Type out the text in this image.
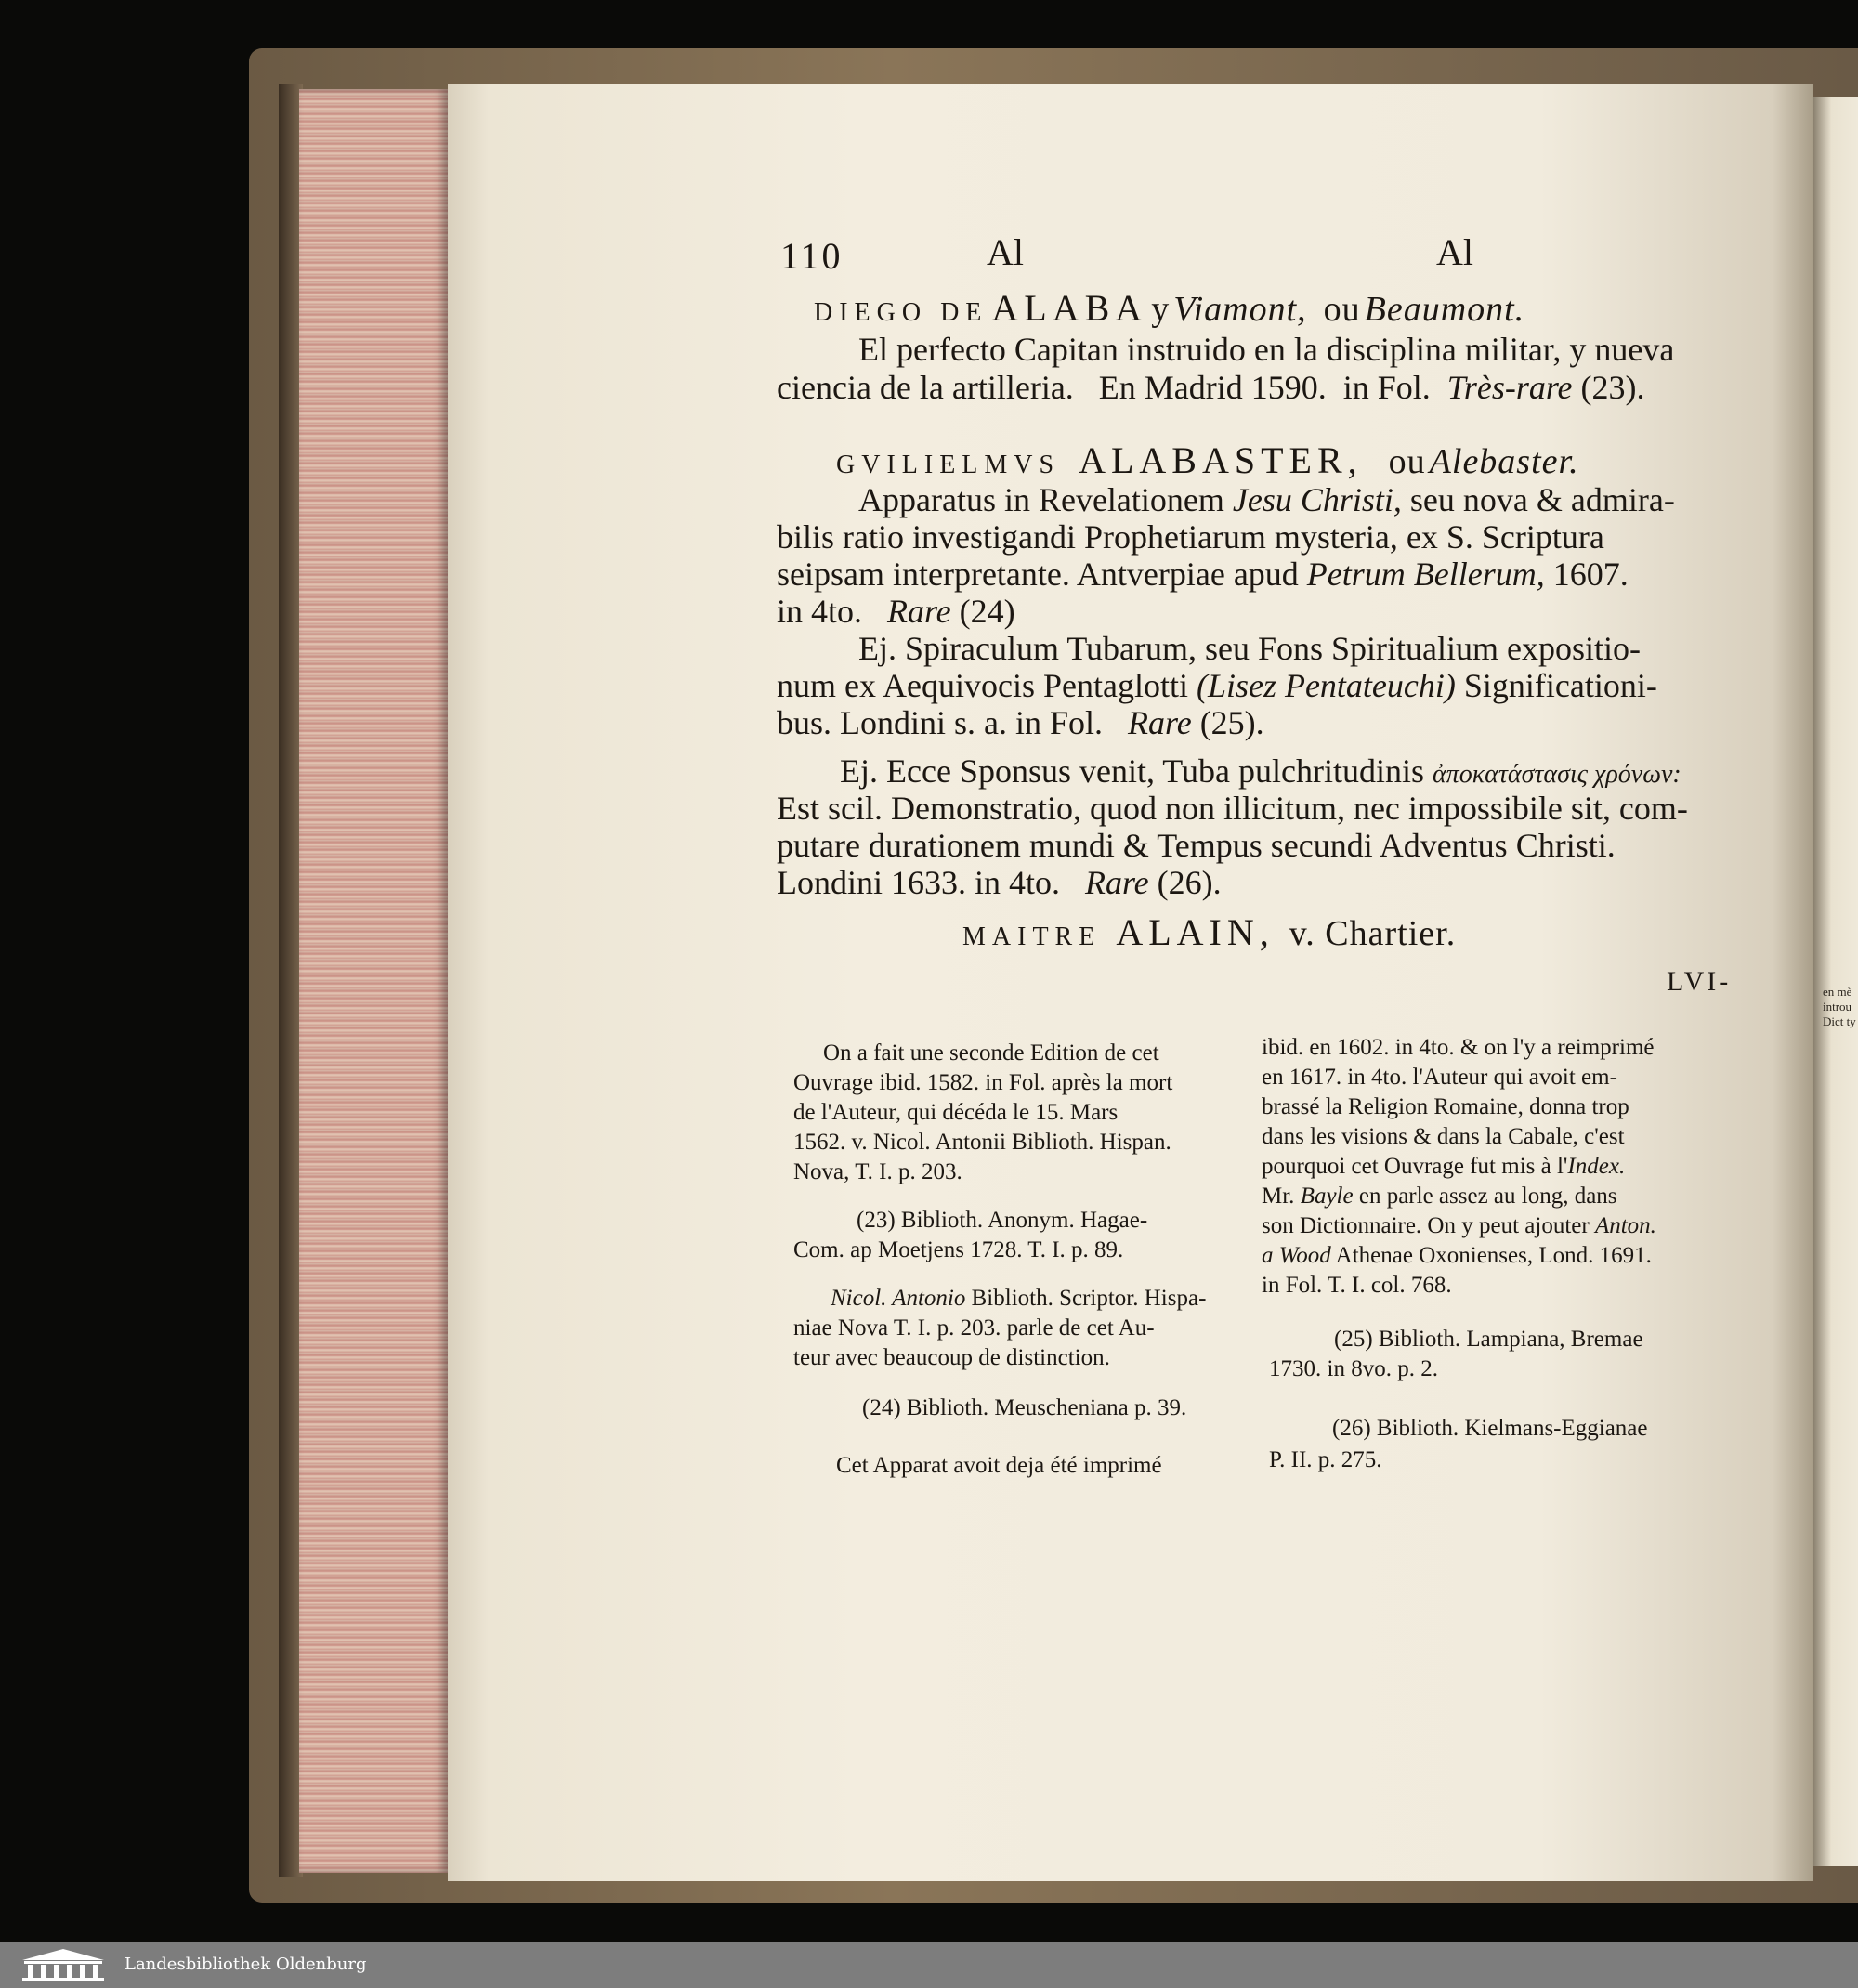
en mè
introu
Dict ty
110	Al	Al
DIEGO DE ALABA y Viamont, ou Beaumont.
El perfecto Capitan instruido en la disciplina militar, y nueva
ciencia de la artilleria.   En Madrid 1590.  in Fol. Très-rare (23).
GVILIELMVS ALABASTER, ou Alebaster.
Apparatus in Revelationem Jesu Christi, seu nova & admira-
bilis ratio investigandi Prophetiarum mysteria, ex S. Scriptura
seipsam interpretante. Antverpiae apud Petrum Bellerum, 1607.
in 4to. Rare (24)
Ej. Spiraculum Tubarum, seu Fons Spiritualium expositio-
num ex Aequivocis Pentaglotti (Lisez Pentateuchi) Significationi-
bus. Londini s. a. in Fol. Rare (25).
Ej. Ecce Sponsus venit, Tuba pulchritudinis ἀποκατάστασις χρόνων:
Est scil. Demonstratio, quod non illicitum, nec impossibile sit, com-
putare durationem mundi & Tempus secundi Adventus Christi.
Londini 1633. in 4to. Rare (26).
MAITRE ALAIN, v. Chartier.
LVI-
On a fait une seconde Edition de cet
Ouvrage ibid. 1582. in Fol. après la mort
de l'Auteur, qui décéda le 15. Mars
1562. v. Nicol. Antonii Biblioth. Hispan.
Nova, T. I. p. 203.
(23) Biblioth. Anonym. Hagae-
Com. ap Moetjens 1728. T. I. p. 89.
Nicol. Antonio Biblioth. Scriptor. Hispa-
niae Nova T. I. p. 203. parle de cet Au-
teur avec beaucoup de distinction.
(24) Biblioth. Meuscheniana p. 39.
Cet Apparat avoit deja été imprimé
ibid. en 1602. in 4to. & on l'y a reimprimé
en 1617. in 4to. l'Auteur qui avoit em-
brassé la Religion Romaine, donna trop
dans les visions & dans la Cabale, c'est
pourquoi cet Ouvrage fut mis à l'Index.
Mr. Bayle en parle assez au long, dans
son Dictionnaire. On y peut ajouter Anton.
a Wood Athenae Oxonienses, Lond. 1691.
in Fol. T. I. col. 768.
(25) Biblioth. Lampiana, Bremae
1730. in 8vo. p. 2.
(26) Biblioth. Kielmans-Eggianae
P. II. p. 275.
Landesbibliothek Oldenburg
